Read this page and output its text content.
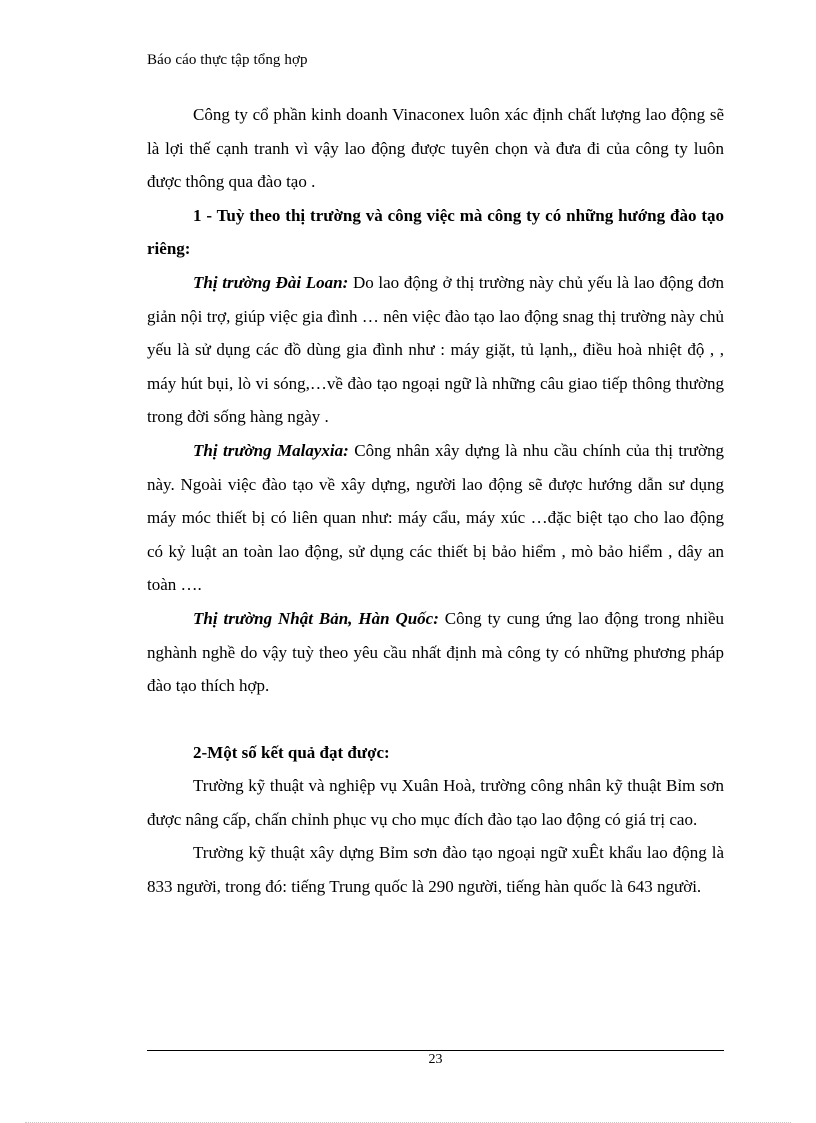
Báo cáo thực tập tổng hợp

Công ty cổ phần kinh doanh Vinaconex luôn xác định chất lượng lao động sẽ là lợi thế cạnh tranh vì vậy lao động được tuyên chọn và đưa đi của công ty luôn được thông qua đào tạo .

1 - Tuỳ theo thị trường và công việc mà công ty có những hướng đào tạo riêng:

Thị trường Đài Loan: Do lao động ở thị trường này chủ yếu là lao động đơn giản nội trợ, giúp việc gia đình … nên việc đào tạo lao động snag thị trường này chủ yếu là sử dụng các đồ dùng gia đình như : máy giặt, tủ lạnh,, điều hoà nhiệt độ , , máy hút bụi, lò vi sóng,…về đào tạo ngoại ngữ là những câu giao tiếp thông thường trong đời sống hàng ngày .

Thị trường Malayxia: Công nhân xây dựng là nhu cầu chính của thị trường này. Ngoài việc đào tạo về xây dựng, người lao động sẽ được hướng dẫn sư dụng máy móc thiết bị có liên quan như: máy cẩu, máy xúc …đặc biệt tạo cho lao động có kỷ luật an toàn lao động, sử dụng các thiết bị bảo hiểm , mò bảo hiểm , dây an toàn ….

Thị trường Nhật Bản, Hàn Quốc: Công ty cung ứng lao động trong nhiều nghành nghề do vậy tuỳ theo yêu cầu nhất định mà công ty có những phương pháp đào tạo thích hợp.

2-Một số kết quả đạt được:

Trường kỹ thuật và nghiệp vụ Xuân Hoà, trường công nhân kỹ thuật Bỉm sơn được nâng cấp, chấn chỉnh phục vụ cho mục đích đào tạo lao động có giá trị cao.

Trường kỹ thuật xây dựng Bỉm sơn đào tạo ngoại ngữ xuÊt khẩu lao động là 833 người, trong đó: tiếng Trung quốc là 290 người, tiếng hàn quốc là 643 người.

23
